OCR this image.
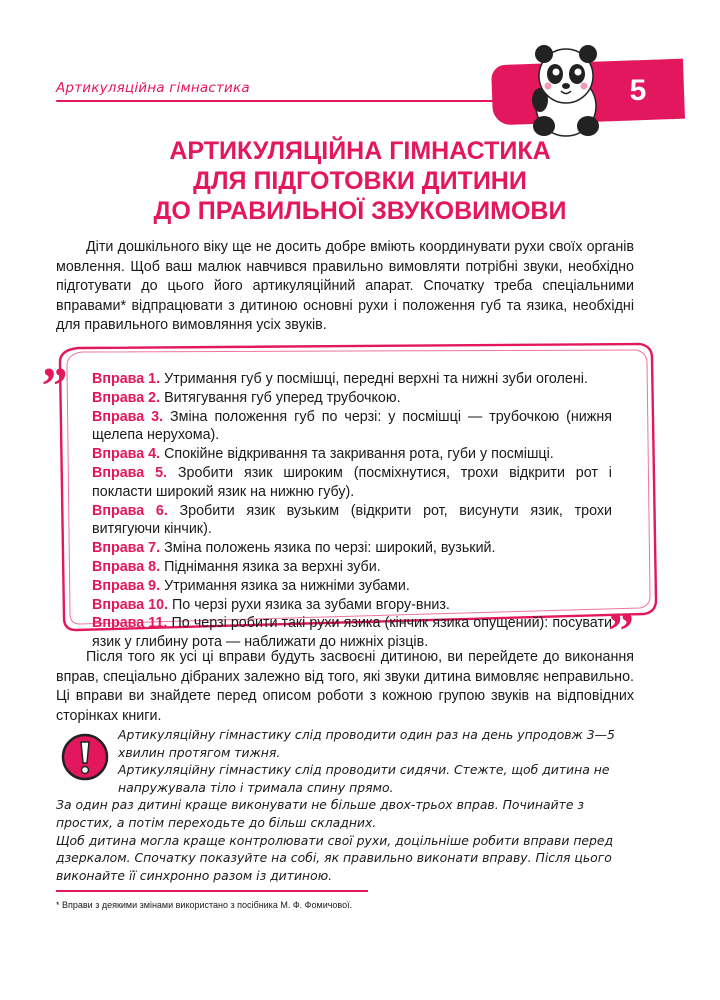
Артикуляційна гімнастика	5
АРТИКУЛЯЦІЙНА ГІМНАСТИКА
ДЛЯ ПІДГОТОВКИ ДИТИНИ
ДО ПРАВИЛЬНОЇ ЗВУКОВИМОВИ

Діти дошкільного віку ще не досить добре вміють координувати рухи своїх органів мовлення. Щоб ваш малюк навчився правильно вимовляти потрібні звуки, необхідно підготувати до цього його артикуляційний апарат. Спочатку треба спеціальними вправами* відпрацювати з дитиною основні рухи і положення губ та язика, необхідні для правильного вимовляння усіх звуків.

„
”
Вправа 1. Утримання губ у посмішці, передні верхні та нижні зуби оголені.
Вправа 2. Витягування губ уперед трубочкою.
Вправа 3. Зміна положення губ по черзі: у посмішці — трубочкою (нижня щелепа нерухома).
Вправа 4. Спокійне відкривання та закривання рота, губи у посмішці.
Вправа 5. Зробити язик широким (посміхнутися, трохи відкрити рот і покласти широкий язик на нижню губу).
Вправа 6. Зробити язик вузьким (відкрити рот, висунути язик, трохи витягуючи кінчик).
Вправа 7. Зміна положень язика по черзі: широкий, вузький.
Вправа 8. Піднімання язика за верхні зуби.
Вправа 9. Утримання язика за нижніми зубами.
Вправа 10. По черзі рухи язика за зубами вгору-вниз.
Вправа 11. По черзі робити такі рухи язика (кінчик язика опущений): посувати язик у глибину рота — наближати до нижніх різців.

Після того як усі ці вправи будуть засвоєні дитиною, ви перейдете до виконання вправ, спеціально дібраних залежно від того, які звуки дитина вимовляє неправильно. Ці вправи ви знайдете перед описом роботи з кожною групою звуків на відповідних сторінках книги.

Артикуляційну гімнастику слід проводити один раз на день упродовж 3—5 хвилин протягом тижня.

Артикуляційну гімнастику слід проводити сидячи. Стежте, щоб дитина не напружувала тіло і тримала спину прямо.

За один раз дитині краще виконувати не більше двох-трьох вправ. Починайте з простих, а потім переходьте до більш складних.

Щоб дитина могла краще контролювати свої рухи, доцільніше робити вправи перед дзеркалом. Спочатку показуйте на собі, як правильно виконати вправу. Після цього виконайте її синхронно разом із дитиною.

* Вправи з деякими змінами використано з посібника М. Ф. Фомичової.
